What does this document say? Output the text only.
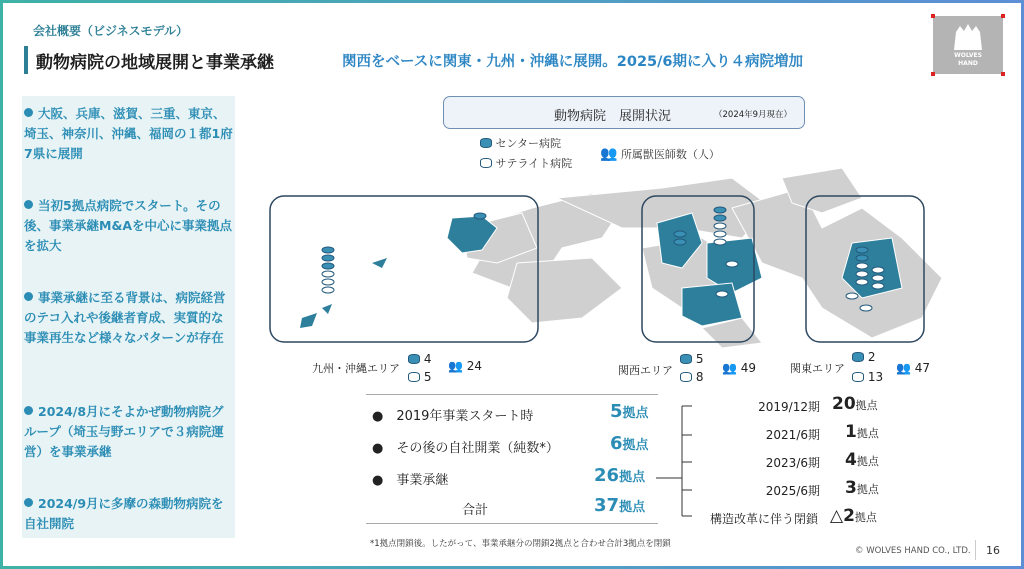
会社概要（ビジネスモデル）
動物病院の地域展開と事業承継	関西をベースに関東・九州・沖縄に展開。2025/6期に入り４病院増加	WOLVES
HAND
大阪、兵庫、滋賀、三重、東京、埼玉、神奈川、沖縄、福岡の１都1府7県に展開
当初5拠点病院でスタート。その後、事業承継M&Aを中心に事業拠点を拡大
事業承継に至る背景は、病院経営のテコ入れや後継者育成、実質的な事業再生など様々なパターンが存在
2024/8月にそよかぜ動物病院グループ（埼玉与野エリアで３病院運営）を事業承継
2024/9月に多摩の森動物病院を自社開院
動物病院　展開状況	（2024年9月現在）
センター病院
サテライト病院
👥 所属獣医師数（人）
九州・沖縄エリア
4
5
👥 24	関西エリア
5
8
👥 49	関東エリア
2
13
👥 47
●　2019年事業スタート時	5拠点
●　その後の自社開業（純数*）	6拠点
●　事業承継	26拠点
合計	37拠点
2019/12期 20拠点
2021/6期 1拠点
2023/6期 4拠点
2025/6期 3拠点
構造改革に伴う閉鎖 △2拠点
*1拠点閉鎖後。したがって、事業承継分の閉鎖2拠点と合わせ合計3拠点を閉鎖
© WOLVES HAND CO., LTD. 16
